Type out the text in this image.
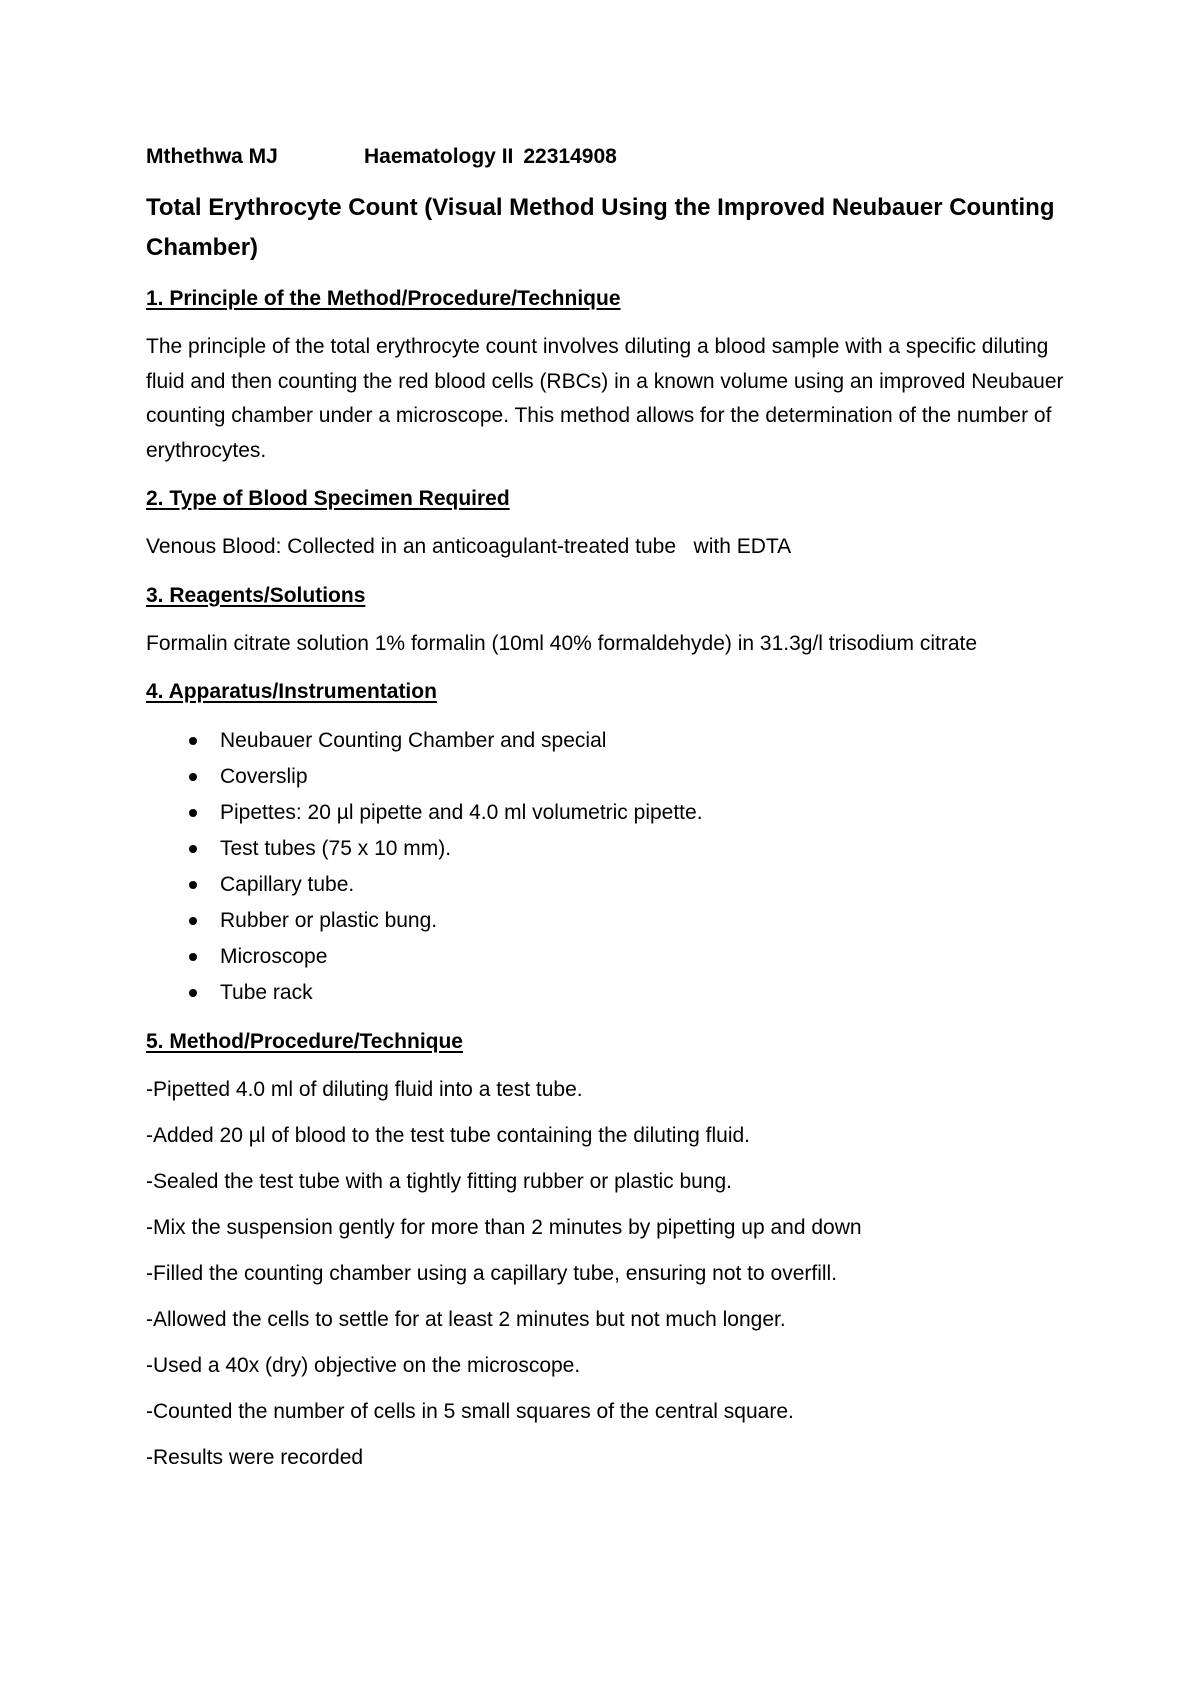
Mthethwa MJ	Haematology II 22314908
Total Erythrocyte Count (Visual Method Using the Improved Neubauer Counting Chamber)
1. Principle of the Method/Procedure/Technique

The principle of the total erythrocyte count involves diluting a blood sample with a specific diluting fluid and then counting the red blood cells (RBCs) in a known volume using an improved Neubauer counting chamber under a microscope. This method allows for the determination of the number of erythrocytes.

2. Type of Blood Specimen Required

Venous Blood: Collected in an anticoagulant-treated tube   with EDTA

3. Reagents/Solutions

Formalin citrate solution 1% formalin (10ml 40% formaldehyde) in 31.3g/l trisodium citrate

4. Apparatus/Instrumentation
Neubauer Counting Chamber and special
Coverslip
Pipettes: 20 µl pipette and 4.0 ml volumetric pipette.
Test tubes (75 x 10 mm).
Capillary tube.
Rubber or plastic bung.
Microscope
Tube rack
5. Method/Procedure/Technique

-Pipetted 4.0 ml of diluting fluid into a test tube.

-Added 20 µl of blood to the test tube containing the diluting fluid.

-Sealed the test tube with a tightly fitting rubber or plastic bung.

-Mix the suspension gently for more than 2 minutes by pipetting up and down

-Filled the counting chamber using a capillary tube, ensuring not to overfill.

-Allowed the cells to settle for at least 2 minutes but not much longer.

-Used a 40x (dry) objective on the microscope.

-Counted the number of cells in 5 small squares of the central square.

-Results were recorded
